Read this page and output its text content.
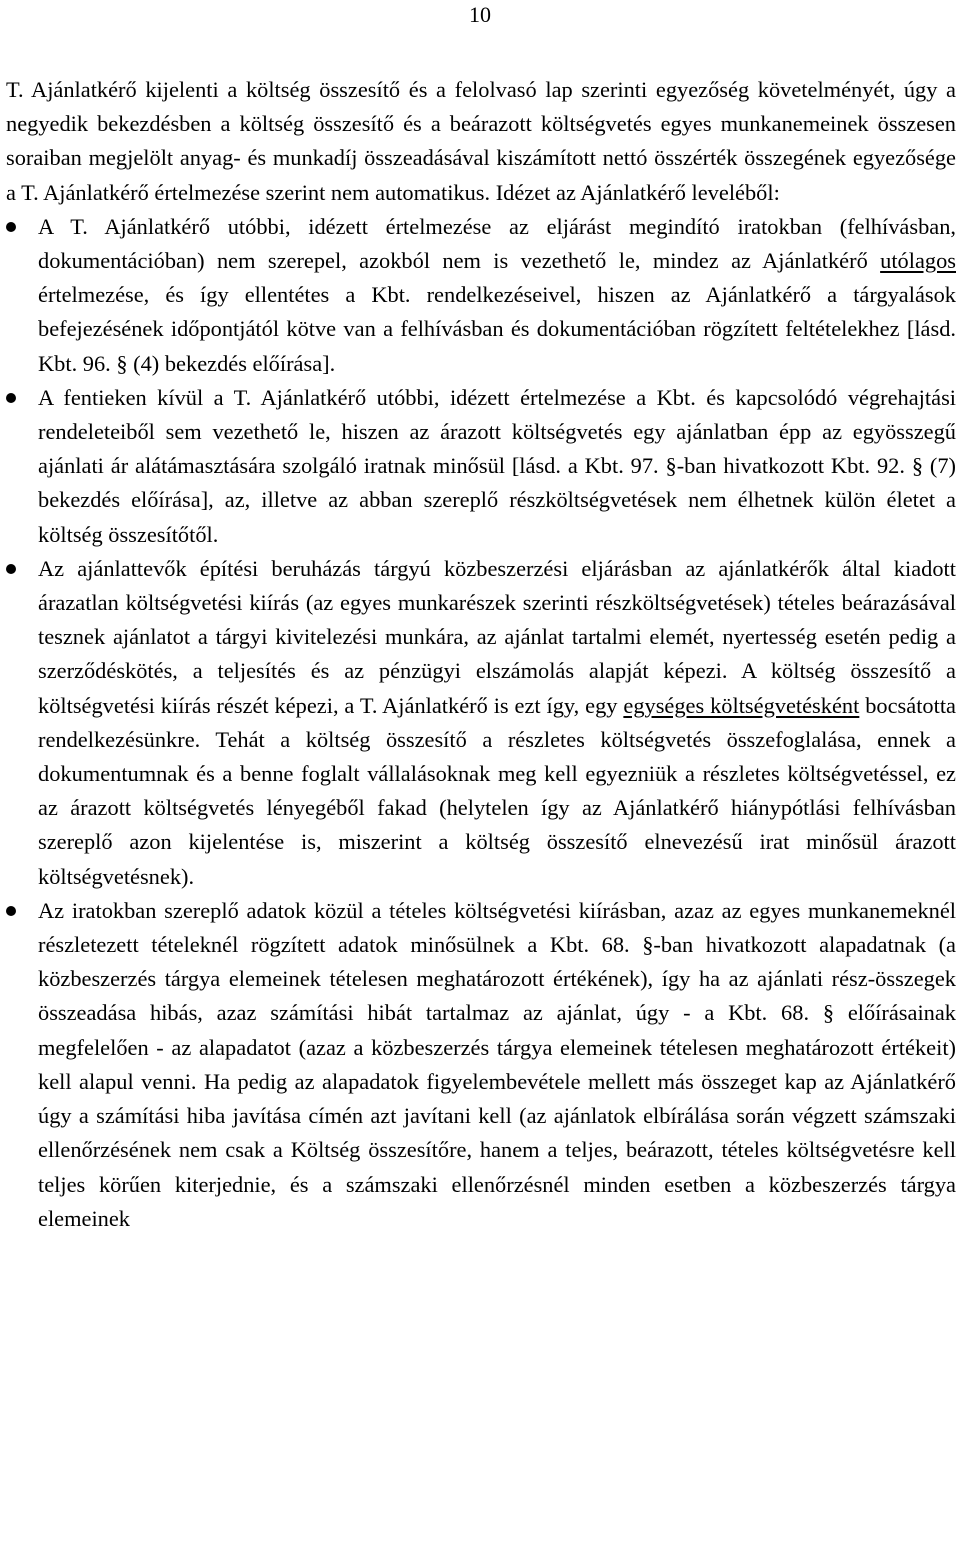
10

T. Ajánlatkérő kijelenti a költség összesítő és a felolvasó lap szerinti egyezőség követelményét, úgy a negyedik bekezdésben a költség összesítő és a beárazott költségvetés egyes munkanemeinek összesen soraiban megjelölt anyag- és munkadíj összeadásával kiszámított nettó összérték összegének egyezősége a T. Ajánlatkérő értelmezése szerint nem automatikus. Idézet az Ajánlatkérő leveléből:

A T. Ajánlatkérő utóbbi, idézett értelmezése az eljárást megindító iratokban (felhívásban, dokumentációban) nem szerepel, azokból nem is vezethető le, mindez az Ajánlatkérő utólagos értelmezése, és így ellentétes a Kbt. rendelkezéseivel, hiszen az Ajánlatkérő a tárgyalások befejezésének időpontjától kötve van a felhívásban és dokumentációban rögzített feltételekhez [lásd. Kbt. 96. § (4) bekezdés előírása].
A fentieken kívül a T. Ajánlatkérő utóbbi, idézett értelmezése a Kbt. és kapcsolódó végrehajtási rendeleteiből sem vezethető le, hiszen az árazott költségvetés egy ajánlatban épp az egyösszegű ajánlati ár alátámasztására szolgáló iratnak minősül [lásd. a Kbt. 97. §-ban hivatkozott Kbt. 92. § (7) bekezdés előírása], az, illetve az abban szereplő részköltségvetések nem élhetnek külön életet a költség összesítőtől.
Az ajánlattevők építési beruházás tárgyú közbeszerzési eljárásban az ajánlatkérők által kiadott árazatlan költségvetési kiírás (az egyes munkarészek szerinti részköltségvetések) tételes beárazásával tesznek ajánlatot a tárgyi kivitelezési munkára, az ajánlat tartalmi elemét, nyertesség esetén pedig a szerződéskötés, a teljesítés és az pénzügyi elszámolás alapját képezi. A költség összesítő a költségvetési kiírás részét képezi, a T. Ajánlatkérő is ezt így, egy egységes költségvetésként bocsátotta rendelkezésünkre. Tehát a költség összesítő a részletes költségvetés összefoglalása, ennek a dokumentumnak és a benne foglalt vállalásoknak meg kell egyezniük a részletes költségvetéssel, ez az árazott költségvetés lényegéből fakad (helytelen így az Ajánlatkérő hiánypótlási felhívásban szereplő azon kijelentése is, miszerint a költség összesítő elnevezésű irat minősül árazott költségvetésnek).
Az iratokban szereplő adatok közül a tételes költségvetési kiírásban, azaz az egyes munkanemeknél részletezett tételeknél rögzített adatok minősülnek a Kbt. 68. §-ban hivatkozott alapadatnak (a közbeszerzés tárgya elemeinek tételesen meghatározott értékének), így ha az ajánlati rész-összegek összeadása hibás, azaz számítási hibát tartalmaz az ajánlat, úgy - a Kbt. 68. § előírásainak megfelelően - az alapadatot (azaz a közbeszerzés tárgya elemeinek tételesen meghatározott értékeit) kell alapul venni. Ha pedig az alapadatok figyelembevétele mellett más összeget kap az Ajánlatkérő úgy a számítási hiba javítása címén azt javítani kell (az ajánlatok elbírálása során végzett számszaki ellenőrzésének nem csak a Költség összesítőre, hanem a teljes, beárazott, tételes költségvetésre kell teljes körűen kiterjednie, és a számszaki ellenőrzésnél minden esetben a közbeszerzés tárgya elemeinek
